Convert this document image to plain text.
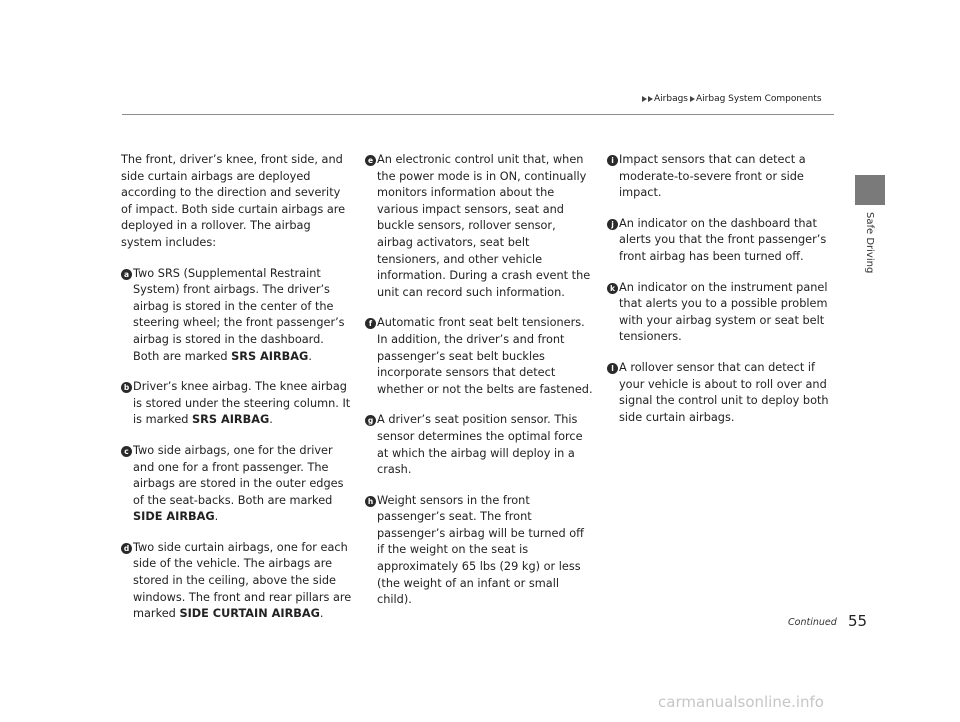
Airbags Airbag System Components
Safe Driving

The front, driver’s knee, front side, and side curtain airbags are deployed according to the direction and severity of impact. Both side curtain airbags are deployed in a rollover. The airbag system includes:

a Two SRS (Supplemental Restraint System) front airbags. The driver’s airbag is stored in the center of the steering wheel; the front passenger’s airbag is stored in the dashboard. Both are marked SRS AIRBAG.

b Driver’s knee airbag. The knee airbag is stored under the steering column. It is marked SRS AIRBAG.

c Two side airbags, one for the driver and one for a front passenger. The airbags are stored in the outer edges of the seat-backs. Both are marked SIDE AIRBAG.

d Two side curtain airbags, one for each side of the vehicle. The airbags are stored in the ceiling, above the side windows. The front and rear pillars are marked SIDE CURTAIN AIRBAG.

e An electronic control unit that, when the power mode is in ON, continually monitors information about the various impact sensors, seat and buckle sensors, rollover sensor, airbag activators, seat belt tensioners, and other vehicle information. During a crash event the unit can record such information.

f Automatic front seat belt tensioners. In addition, the driver’s and front passenger’s seat belt buckles incorporate sensors that detect whether or not the belts are fastened.

g A driver’s seat position sensor. This sensor determines the optimal force at which the airbag will deploy in a crash.

h Weight sensors in the front passenger’s seat. The front passenger’s airbag will be turned off if the weight on the seat is approximately 65 lbs (29 kg) or less (the weight of an infant or small child).

i Impact sensors that can detect a moderate-to-severe front or side impact.

j An indicator on the dashboard that alerts you that the front passenger’s front airbag has been turned off.

k An indicator on the instrument panel that alerts you to a possible problem with your airbag system or seat belt tensioners.

l A rollover sensor that can detect if your vehicle is about to roll over and signal the control unit to deploy both side curtain airbags.

Continued 55
carmanualsonline.info
